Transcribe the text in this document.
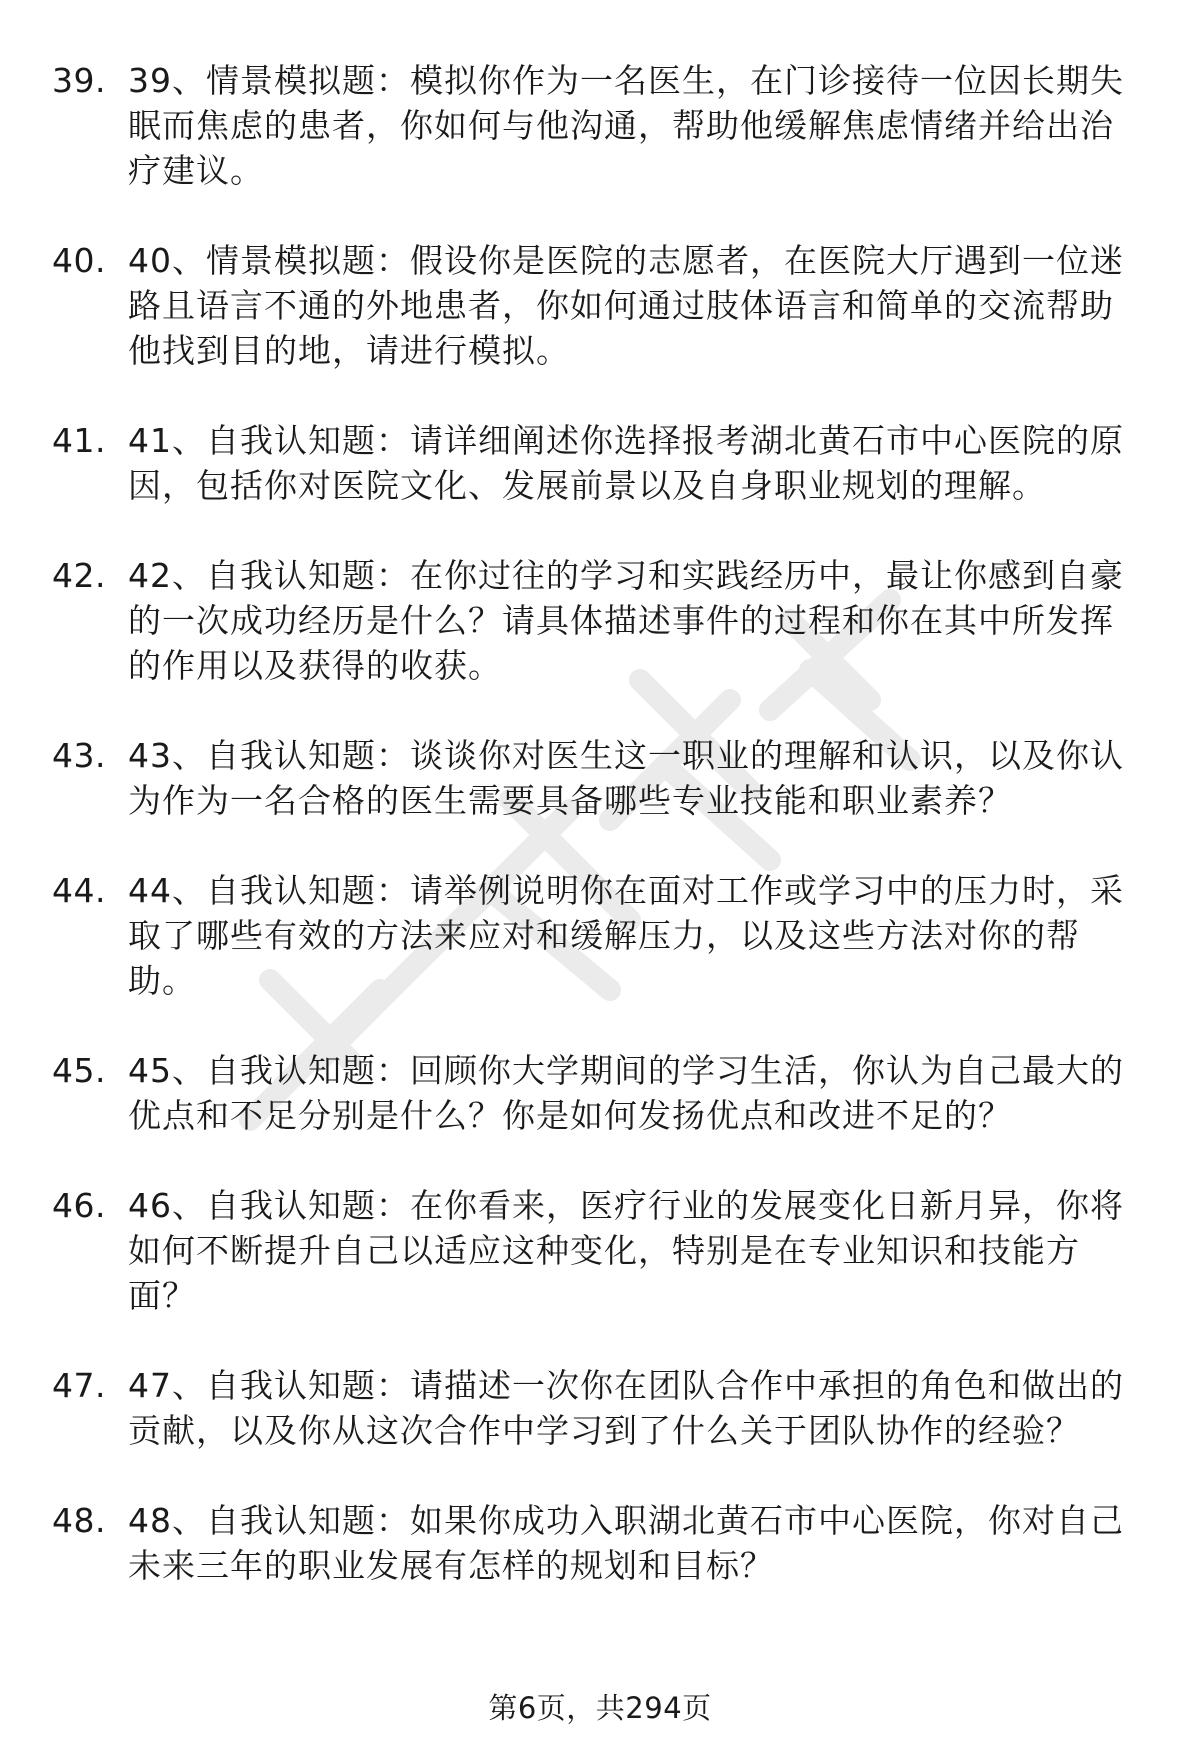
39. 39、情景模拟题：模拟你作为一名医生，在门诊接待一位因长期失眠而焦虑的患者，你如何与他沟通，帮助他缓解焦虑情绪并给出治疗建议。
40. 40、情景模拟题：假设你是医院的志愿者，在医院大厅遇到一位迷路且语言不通的外地患者，你如何通过肢体语言和简单的交流帮助他找到目的地，请进行模拟。
41. 41、自我认知题：请详细阐述你选择报考湖北黄石市中心医院的原因，包括你对医院文化、发展前景以及自身职业规划的理解。
42. 42、自我认知题：在你过往的学习和实践经历中，最让你感到自豪的一次成功经历是什么？请具体描述事件的过程和你在其中所发挥的作用以及获得的收获。
43. 43、自我认知题：谈谈你对医生这一职业的理解和认识，以及你认为作为一名合格的医生需要具备哪些专业技能和职业素养？
44. 44、自我认知题：请举例说明你在面对工作或学习中的压力时，采取了哪些有效的方法来应对和缓解压力，以及这些方法对你的帮助。
45. 45、自我认知题：回顾你大学期间的学习生活，你认为自己最大的优点和不足分别是什么？你是如何发扬优点和改进不足的？
46. 46、自我认知题：在你看来，医疗行业的发展变化日新月异，你将如何不断提升自己以适应这种变化，特别是在专业知识和技能方面？
47. 47、自我认知题：请描述一次你在团队合作中承担的角色和做出的贡献，以及你从这次合作中学习到了什么关于团队协作的经验？
48. 48、自我认知题：如果你成功入职湖北黄石市中心医院，你对自己未来三年的职业发展有怎样的规划和目标？
第6页，共294页
